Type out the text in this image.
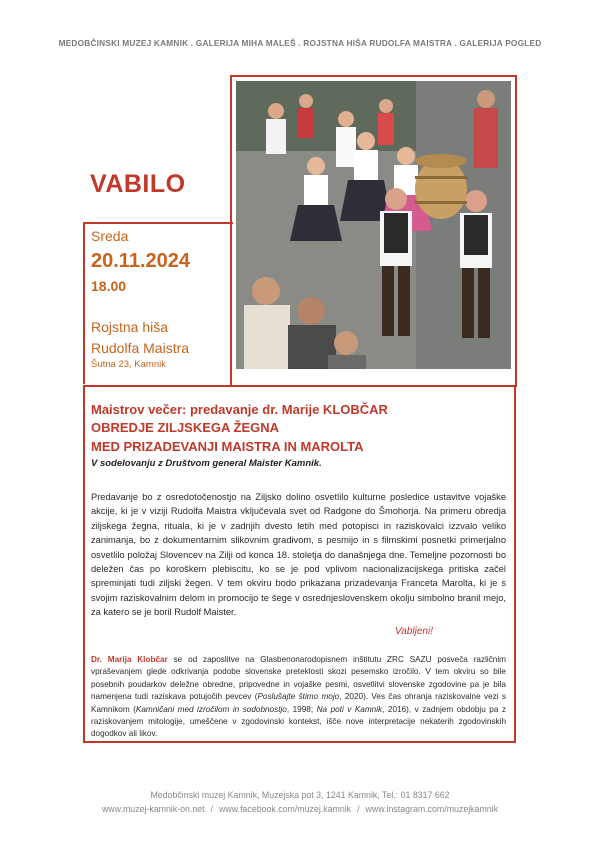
MEDOBČINSKI MUZEJ KAMNIK . GALERIJA MIHA MALEŠ . ROJSTNA HIŠA RUDOLFA MAISTRA . GALERIJA POGLED
VABILO
Sreda
20.11.2024
18.00
Rojstna hiša
Rudolfa Maistra
Šutna 23, Kamnik
Maistrov večer: predavanje dr. Marije KLOBČAR
OBREDJE ZILJSKEGA ŽEGNA
MED PRIZADEVANJI MAISTRA IN MAROLTA
V sodelovanju z Društvom general Maister Kamnik.
Predavanje bo z osredotočenostjo na Ziljsko dolino osvetlilo kulturne posledice ustavitve vojaške akcije, ki je v viziji Rudolfa Maistra vključevala svet od Radgone do Šmohorja. Na primeru obredja ziljskega žegna, rituala, ki je v zadnjih dvesto letih med potopisci in raziskovalci izzvalo veliko zanimanja, bo z dokumentarnim slikovnim gradivom, s pesmijo in s filmskimi posnetki primerjalno osvetlilo položaj Slovencev na Zilji od konca 18. stoletja do današnjega dne. Temeljne pozornosti bo deležen čas po koroškem plebiscitu, ko se je pod vplivom nacionalizacijskega pritiska začel spreminjati tudi ziljski žegen. V tem okviru bodo prikazana prizadevanja Franceta Marolta, ki je s svojim raziskovalnim delom in promocijo te šege v osrednjeslovenskem okolju simbolno branil mejo, za katero se je boril Rudolf Maister.
Vabljeni!
Dr. Marija Klobčar se od zaposlitve na Glasbenonarodopisnem inštitutu ZRC SAZU posveča različnim vpraševanjem glede odkrivanja podobe slovenske preteklosti skozi pesemsko izročilo. V tem okviru so bile posebnih poudarkov deležne obredne, pripovedne in vojaške pesmi, osvetlitvi slovenske zgodovine pa je bila namenjena tudi raziskava potujočih pevcev (Poslušajte štimo mojo, 2020). Ves čas ohranja raziskovalne vezi s Kamnikom (Kamničani med izročilom in sodobnostjo, 1998; Na poti v Kamnik, 2016), v zadnjem obdobju pa z raziskovanjem mitologije, umeščene v zgodovinski kontekst, išče nove interpretacije nekaterih zgodovinskih dogodkov ali likov.
Medobčinski muzej Kamnik, Muzejska pot 3, 1241 Kamnik, Tel.: 01 8317 662
www.muzej-kamnik-on.net / www.facebook.com/muzej.kamnik / www.instagram.com/muzejkamnik
